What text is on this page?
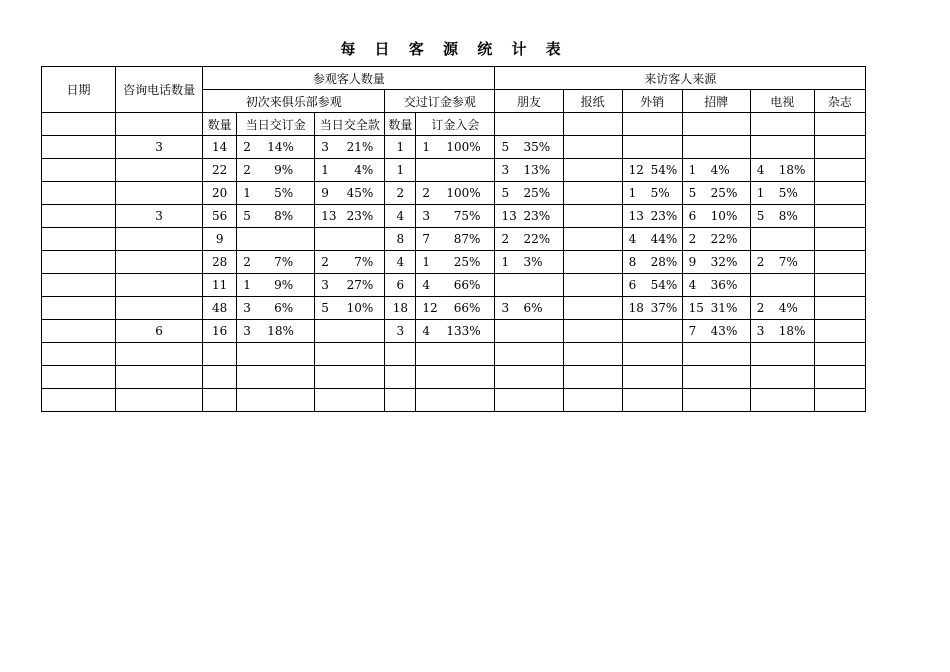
每 日 客 源 统 计 表
日期	咨询电话数量	参观客人数量					来访客人来源					
		初次来俱乐部参观			交过订金参观		朋友	报纸	外销	招牌	电视	杂志
		数量	当日交订金	当日交全款	数量	订金入会						
	3	14	2 14%	3 21%	1	1 100%	5 35%					
		22	2 9%	1 4%	1		3 13%		12 54%	1 4%	4 18%	
		20	1 5%	9 45%	2	2 100%	5 25%		1 5%	5 25%	1 5%	
	3	56	5 8%	13 23%	4	3 75%	13 23%		13 23%	6 10%	5 8%	
		9			8	7 87%	2 22%		4 44%	2 22%		
		28	2 7%	2 7%	4	1 25%	1 3%		8 28%	9 32%	2 7%	
		11	1 9%	3 27%	6	4 66%			6 54%	4 36%		
		48	3 6%	5 10%	18	12 66%	3 6%		18 37%	15 31%	2 4%	
	6	16	3 18%		3	4 133%				7 43%	3 18%	
